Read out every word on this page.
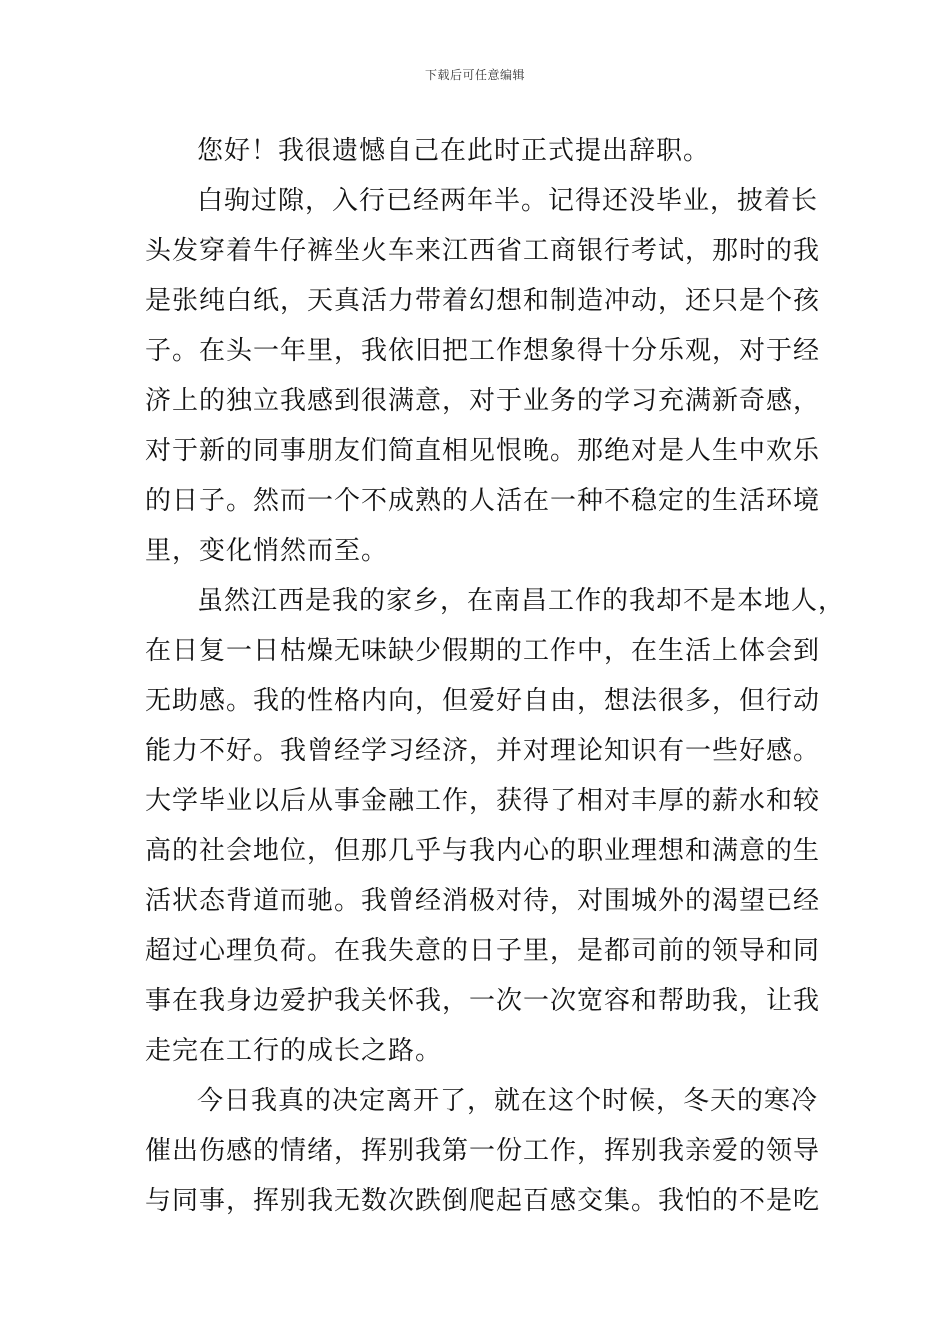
下载后可任意编辑
您好！我很遗憾自己在此时正式提出辞职。
白驹过隙，入行已经两年半。记得还没毕业，披着长
头发穿着牛仔裤坐火车来江西省工商银行考试，那时的我
是张纯白纸，天真活力带着幻想和制造冲动，还只是个孩
子。在头一年里，我依旧把工作想象得十分乐观，对于经
济上的独立我感到很满意，对于业务的学习充满新奇感，
对于新的同事朋友们简直相见恨晚。那绝对是人生中欢乐
的日子。然而一个不成熟的人活在一种不稳定的生活环境
里，变化悄然而至。
虽然江西是我的家乡，在南昌工作的我却不是本地人，
在日复一日枯燥无味缺少假期的工作中，在生活上体会到
无助感。我的性格内向，但爱好自由，想法很多，但行动
能力不好。我曾经学习经济，并对理论知识有一些好感。
大学毕业以后从事金融工作，获得了相对丰厚的薪水和较
高的社会地位，但那几乎与我内心的职业理想和满意的生
活状态背道而驰。我曾经消极对待，对围城外的渴望已经
超过心理负荷。在我失意的日子里，是都司前的领导和同
事在我身边爱护我关怀我，一次一次宽容和帮助我，让我
走完在工行的成长之路。
今日我真的决定离开了，就在这个时候，冬天的寒冷
催出伤感的情绪，挥别我第一份工作，挥别我亲爱的领导
与同事，挥别我无数次跌倒爬起百感交集。我怕的不是吃
